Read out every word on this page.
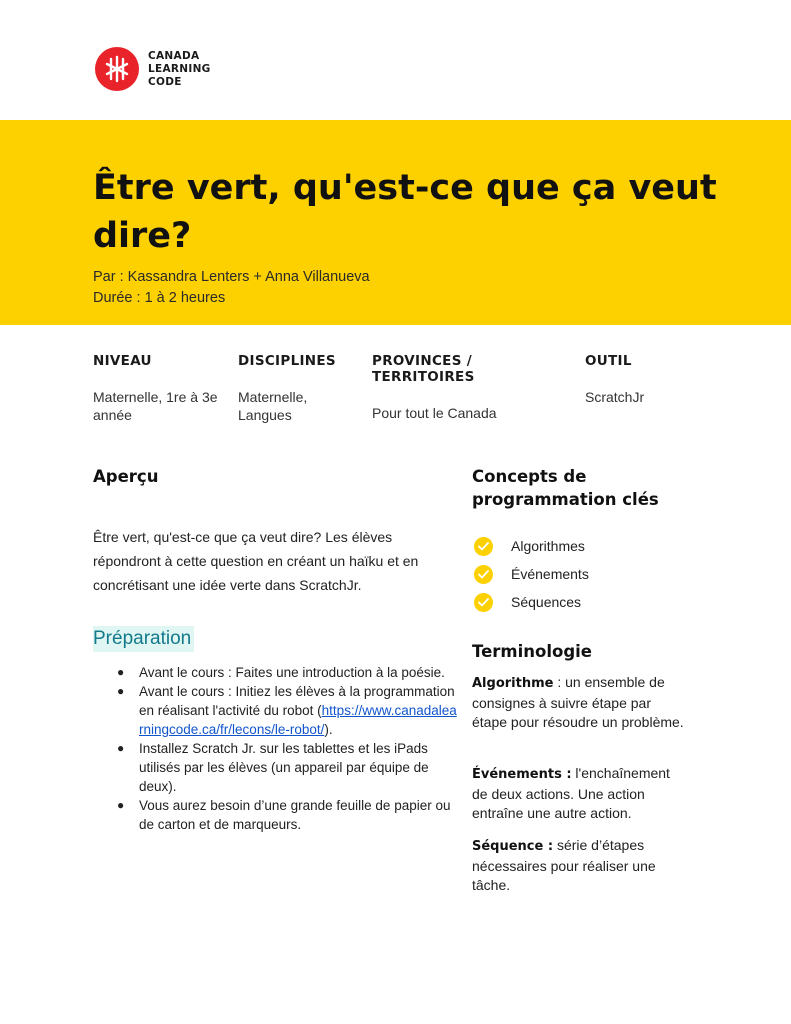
CANADA
LEARNING
CODE
Être vert, qu'est-ce que ça veut dire?
Par : Kassandra Lenters + Anna Villanueva
Durée : 1 à 2 heures
NIVEAU
Maternelle, 1re à 3e année
DISCIPLINES
Maternelle, Langues
PROVINCES / TERRITOIRES
Pour tout le Canada
OUTIL
ScratchJr
Aperçu

Être vert, qu'est-ce que ça veut dire? Les élèves répondront à cette question en créant un haïku et en concrétisant une idée verte dans ScratchJr.

Préparation
● Avant le cours : Faites une introduction à la poésie.
● Avant le cours : Initiez les élèves à la programmation en réalisant l'activité du robot (https://www.canadalearningcode.ca/fr/lecons/le-robot/).
● Installez Scratch Jr. sur les tablettes et les iPads utilisés par les élèves (un appareil par équipe de deux).
● Vous aurez besoin d’une grande feuille de papier ou de carton et de marqueurs.
Concepts de programmation clés
Algorithmes
Événements
Séquences
Terminologie

Algorithme : un ensemble de consignes à suivre étape par étape pour résoudre un problème.

Événements : l'enchaînement de deux actions. Une action entraîne une autre action.

Séquence : série d’étapes nécessaires pour réaliser une tâche.
